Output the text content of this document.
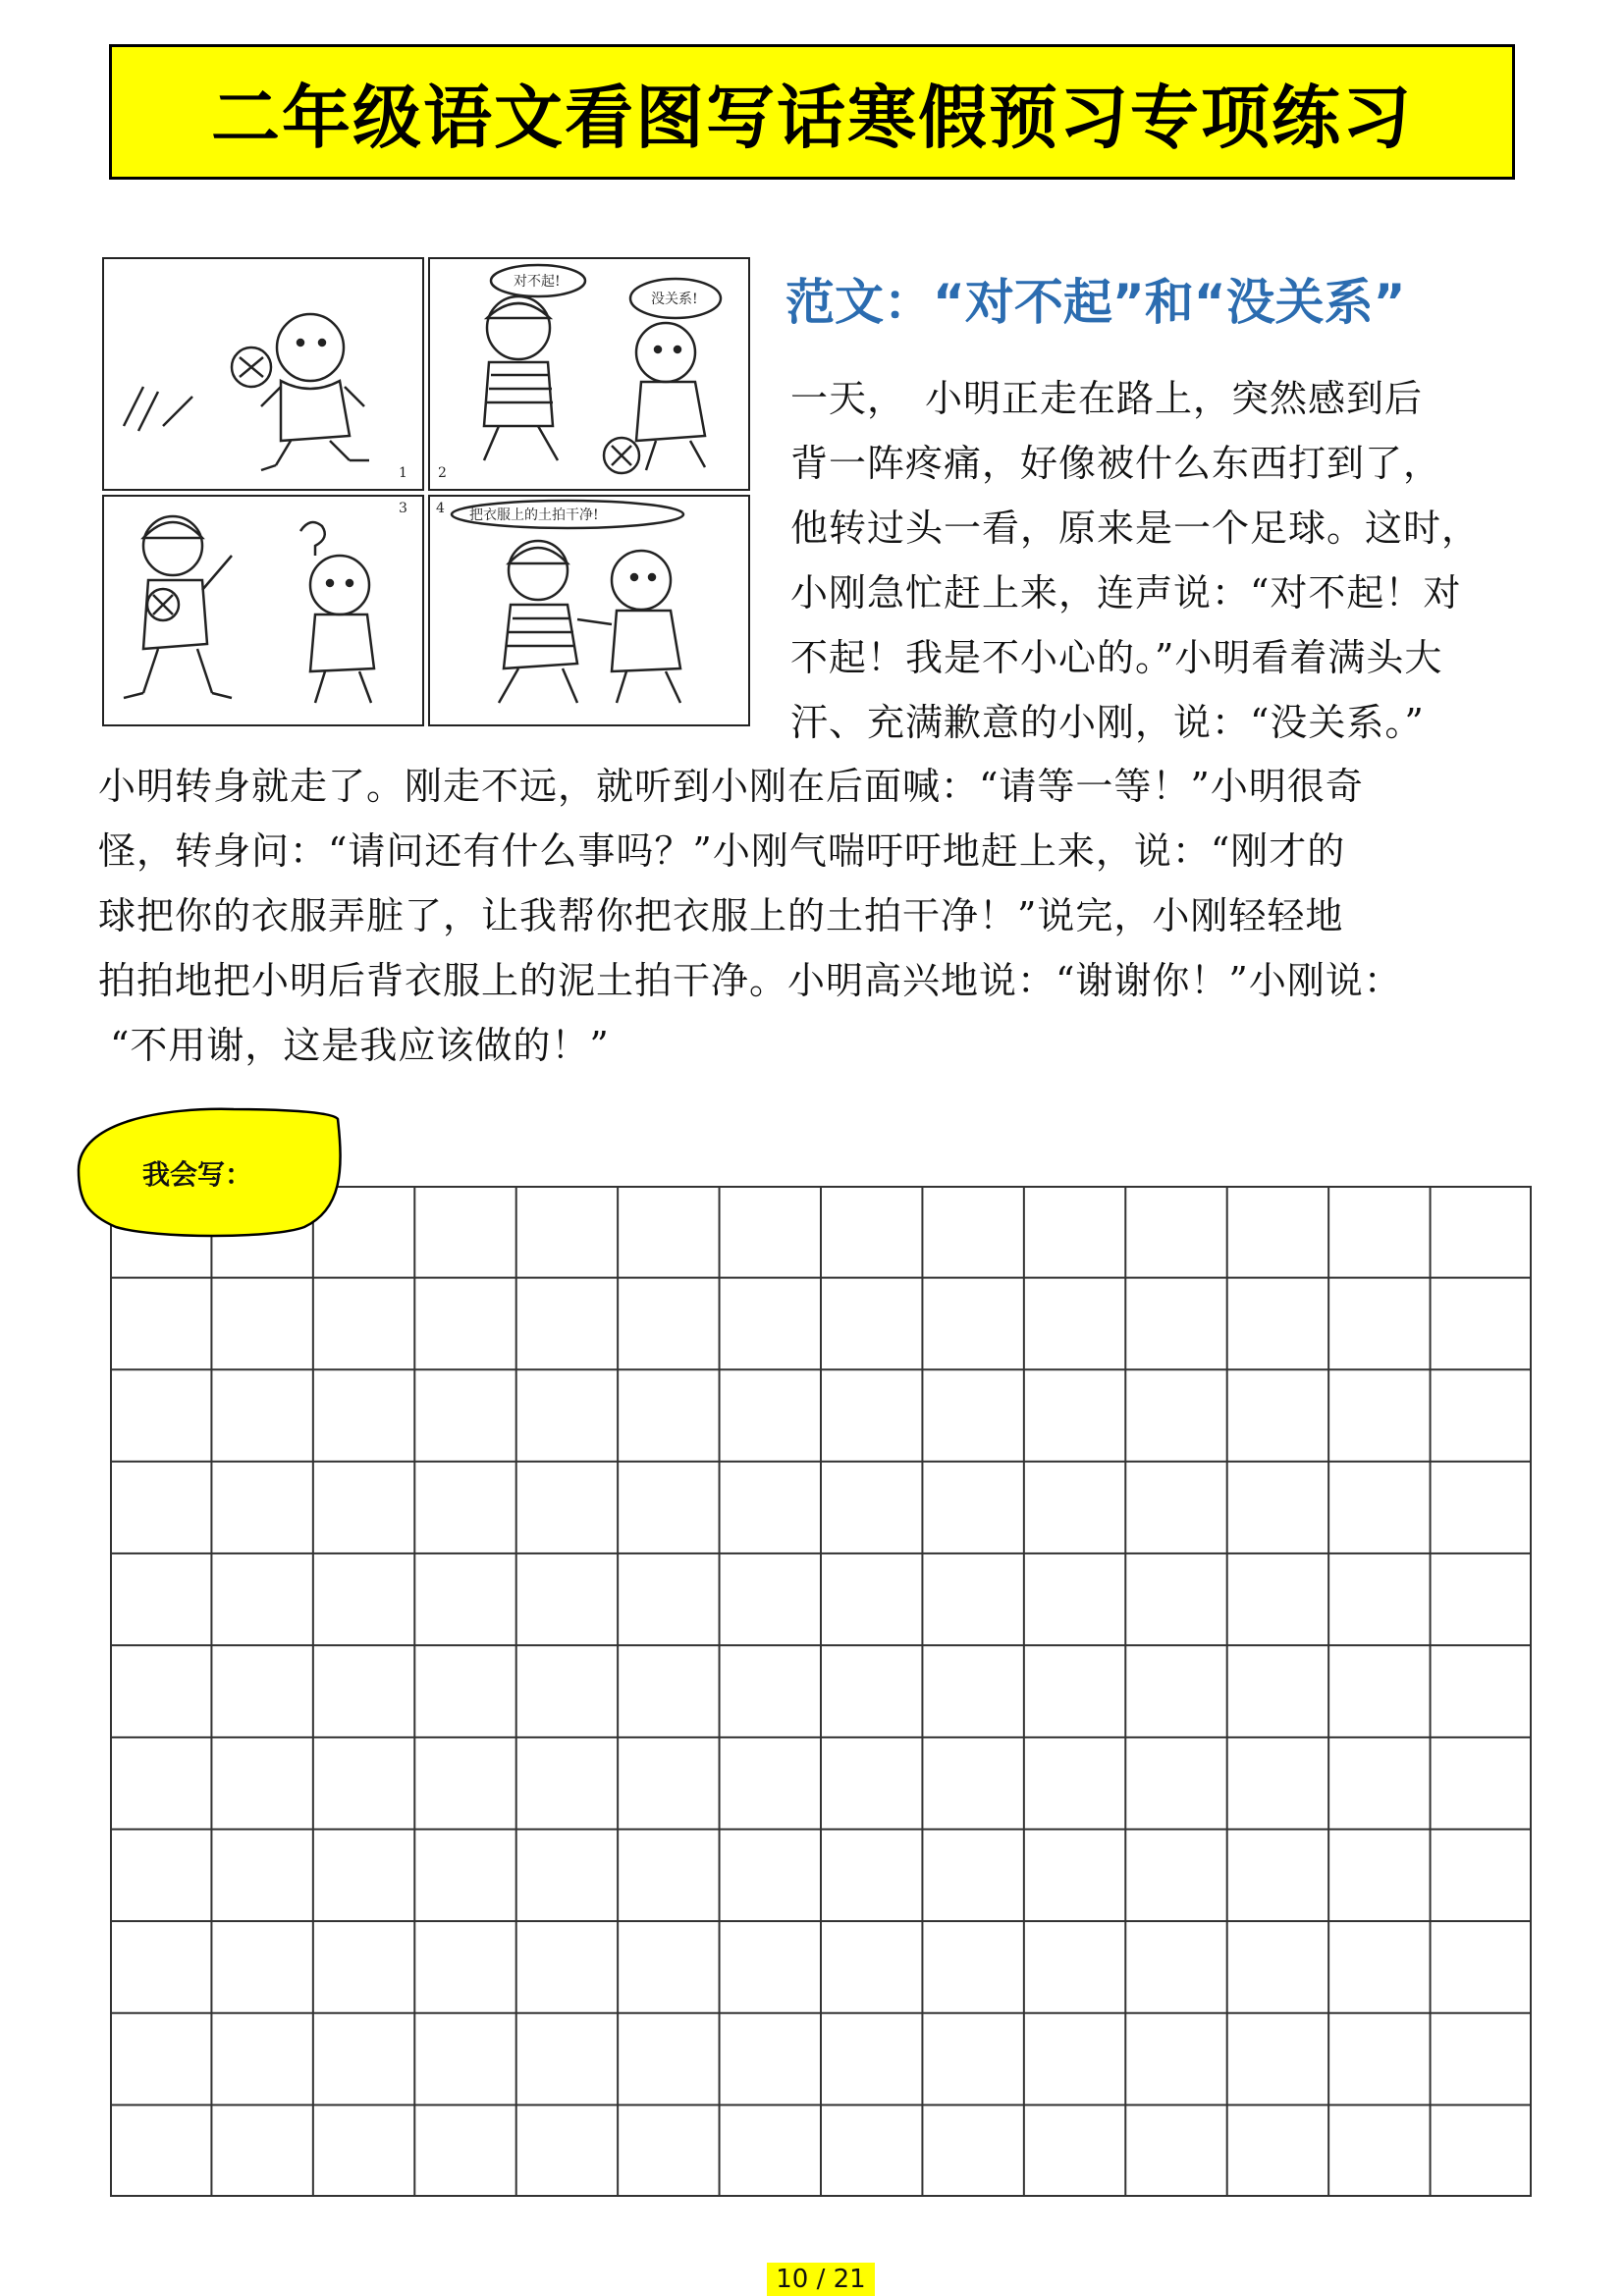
二年级语文看图写话寒假预习专项练习
1
对不起!
没关系!
2
3 4 把衣服上的土拍干净!
范文：“对不起”和“没关系”
一天，　小明正走在路上，突然感到后
背一阵疼痛，好像被什么东西打到了，
他转过头一看，原来是一个足球。这时，
小刚急忙赶上来，连声说：“对不起！对
不起！我是不小心的。”小明看着满头大
汗、充满歉意的小刚，说：“没关系。”
小明转身就走了。刚走不远，就听到小刚在后面喊：“请等一等！”小明很奇
怪，转身问：“请问还有什么事吗？”小刚气喘吁吁地赶上来，说：“刚才的
球把你的衣服弄脏了，让我帮你把衣服上的土拍干净！”说完，小刚轻轻地
拍拍地把小明后背衣服上的泥土拍干净。小明高兴地说：“谢谢你！”小刚说：
“不用谢，这是我应该做的！”
我会写：
10 / 21
